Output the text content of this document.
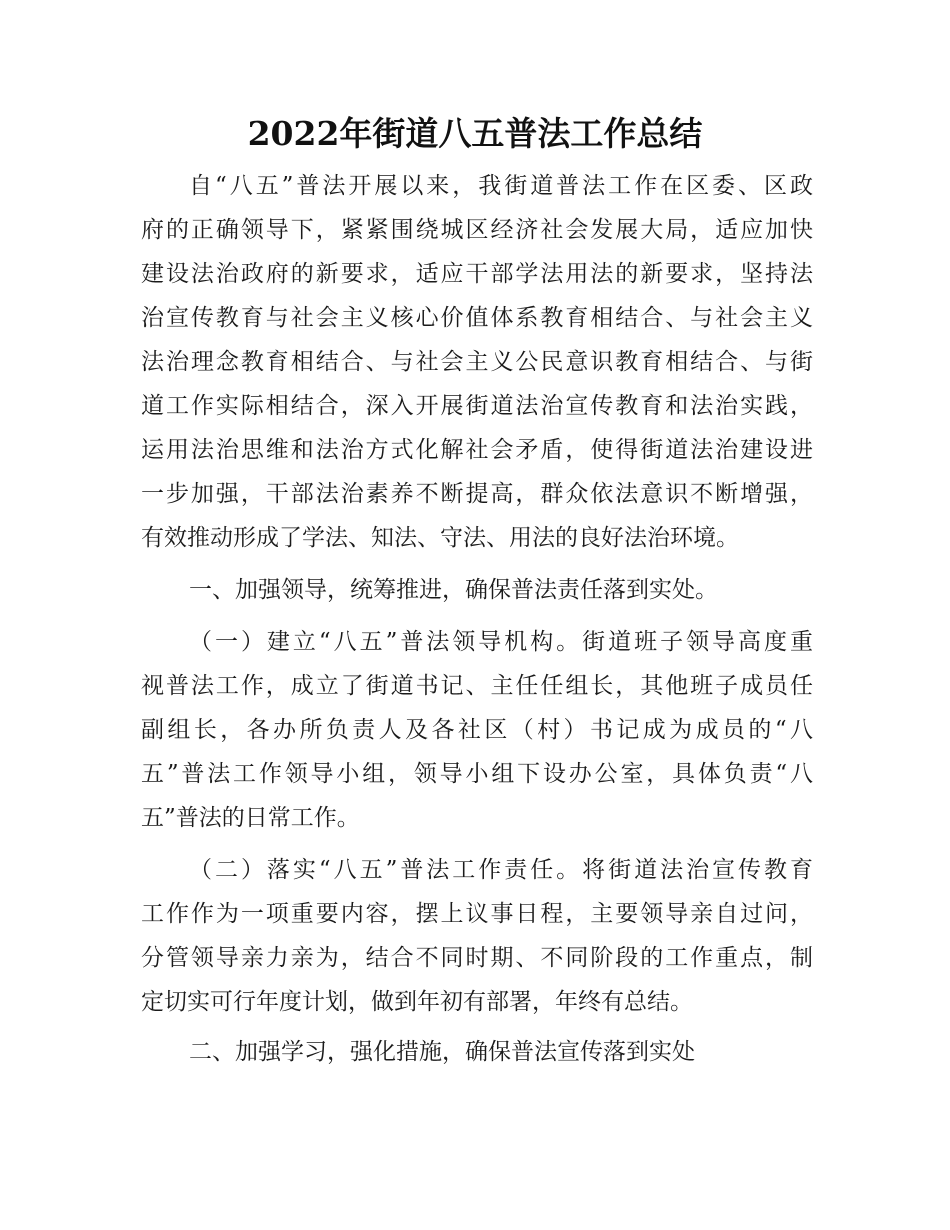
2022年街道八五普法工作总结
自“八五”普法开展以来，我街道普法工作在区委、区政
府的正确领导下，紧紧围绕城区经济社会发展大局，适应加快
建设法治政府的新要求，适应干部学法用法的新要求，坚持法
治宣传教育与社会主义核心价值体系教育相结合、与社会主义
法治理念教育相结合、与社会主义公民意识教育相结合、与街
道工作实际相结合，深入开展街道法治宣传教育和法治实践，
运用法治思维和法治方式化解社会矛盾，使得街道法治建设进
一步加强，干部法治素养不断提高，群众依法意识不断增强，
有效推动形成了学法、知法、守法、用法的良好法治环境。
一、加强领导，统筹推进，确保普法责任落到实处。
（一）建立“八五”普法领导机构。街道班子领导高度重
视普法工作，成立了街道书记、主任任组长，其他班子成员任
副组长，各办所负责人及各社区（村）书记成为成员的“八
五”普法工作领导小组，领导小组下设办公室，具体负责“八
五”普法的日常工作。
（二）落实“八五”普法工作责任。将街道法治宣传教育
工作作为一项重要内容，摆上议事日程，主要领导亲自过问，
分管领导亲力亲为，结合不同时期、不同阶段的工作重点，制
定切实可行年度计划，做到年初有部署，年终有总结。
二、加强学习，强化措施，确保普法宣传落到实处
